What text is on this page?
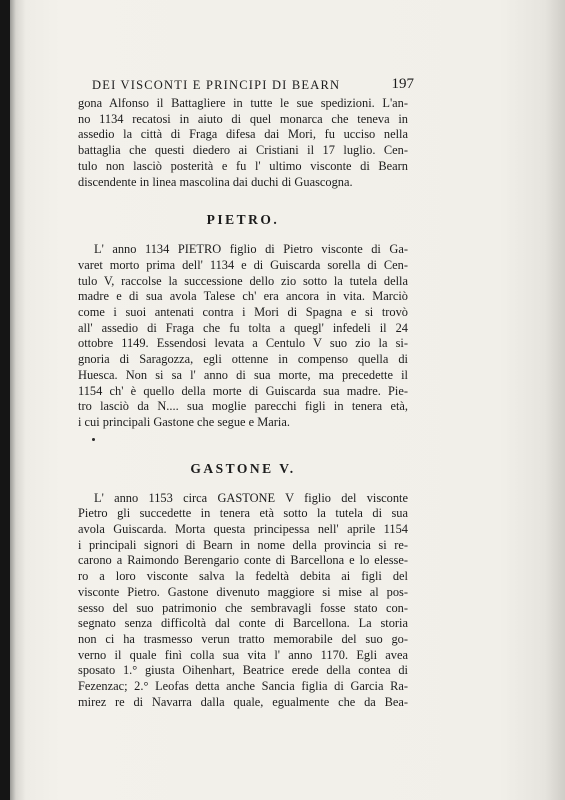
DEI VISCONTI E PRINCIPI DI BEARN	197
gona Alfonso il Battagliere in tutte le sue spedizioni. L'an-
no 1134 recatosi in aiuto di quel monarca che teneva in
assedio la città di Fraga difesa dai Mori, fu ucciso nella
battaglia che questi diedero ai Cristiani il 17 luglio. Cen-
tulo non lasciò posterità e fu l' ultimo visconte di Bearn
discendente in linea mascolina dai duchi di Guascogna.
PIETRO.
L' anno 1134 PIETRO figlio di Pietro visconte di Ga-
varet morto prima dell' 1134 e di Guiscarda sorella di Cen-
tulo V, raccolse la successione dello zio sotto la tutela della
madre e di sua avola Talese ch' era ancora in vita. Marciò
come i suoi antenati contra i Mori di Spagna e si trovò
all' assedio di Fraga che fu tolta a quegl' infedeli il 24
ottobre 1149. Essendosi levata a Centulo V suo zio la si-
gnoria di Saragozza, egli ottenne in compenso quella di
Huesca. Non si sa l' anno di sua morte, ma precedette il
1154 ch' è quello della morte di Guiscarda sua madre. Pie-
tro lasciò da N.... sua moglie parecchi figli in tenera età,
i cui principali Gastone che segue e Maria.
GASTONE V.
L' anno 1153 circa GASTONE V figlio del visconte
Pietro gli succedette in tenera età sotto la tutela di sua
avola Guiscarda. Morta questa principessa nell' aprile 1154
i principali signori di Bearn in nome della provincia si re-
carono a Raimondo Berengario conte di Barcellona e lo elesse-
ro a loro visconte salva la fedeltà debita ai figli del
visconte Pietro. Gastone divenuto maggiore si mise al pos-
sesso del suo patrimonio che sembravagli fosse stato con-
segnato senza difficoltà dal conte di Barcellona. La storia
non ci ha trasmesso verun tratto memorabile del suo go-
verno il quale finì colla sua vita l' anno 1170. Egli avea
sposato 1.° giusta Oihenhart, Beatrice erede della contea di
Fezenzac; 2.° Leofas detta anche Sancia figlia di Garcia Ra-
mirez re di Navarra dalla quale, egualmente che da Bea-
